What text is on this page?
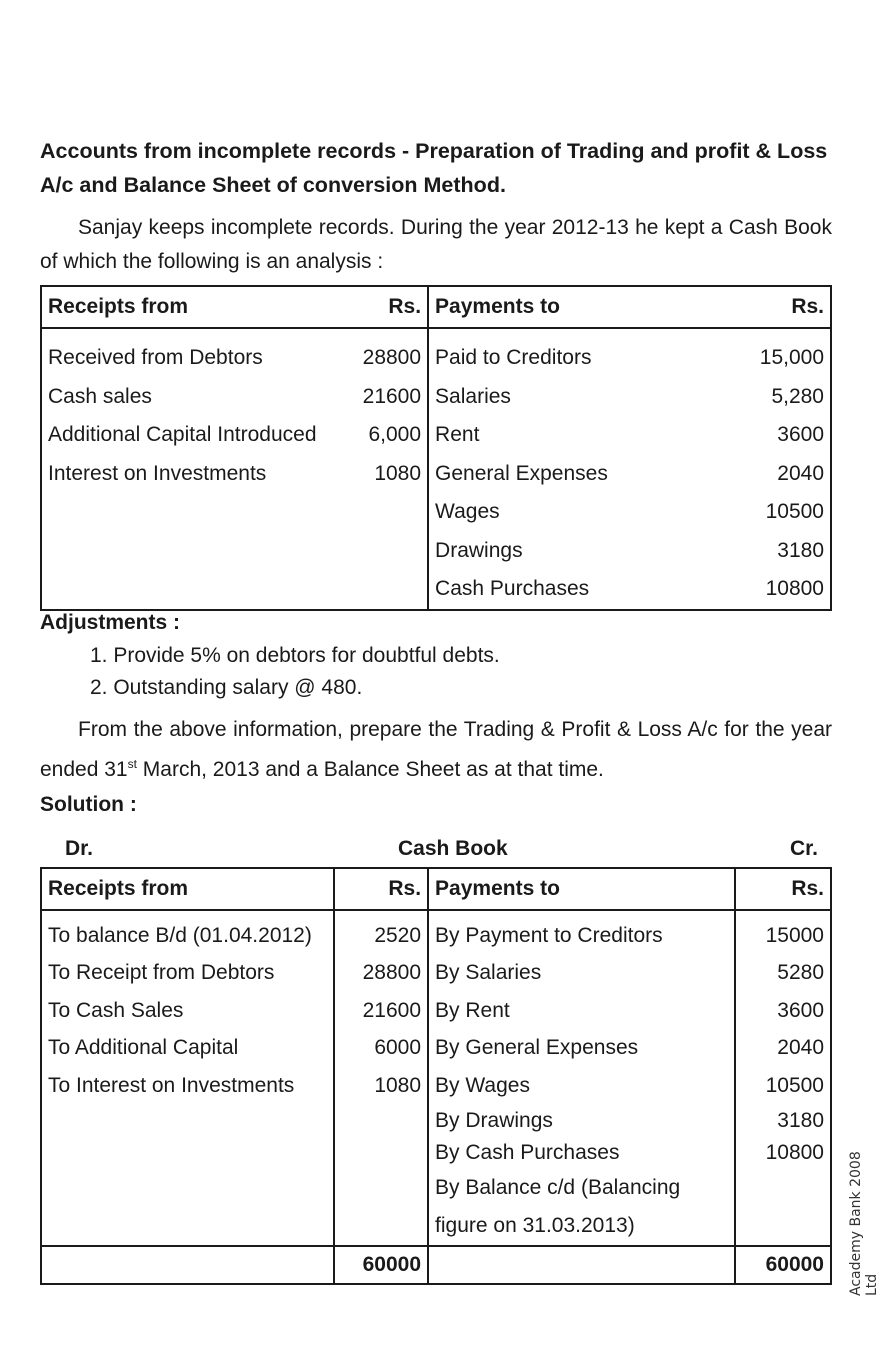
Accounts from incomplete records - Preparation of Trading and profit & Loss A/c and Balance Sheet of conversion Method.
Sanjay keeps incomplete records. During the year 2012-13 he kept a Cash Book of which the following is an analysis :
Receipts from	Rs.	Payments to	Rs.

Received from Debtors	28800	Paid to Creditors	15,000
Cash sales	21600	Salaries	5,280
Additional Capital Introduced	6,000	Rent	3600
Interest on Investments	1080	General Expenses	2040
		Wages	10500
		Drawings	3180
		Cash Purchases	10800
Adjustments :
1. Provide 5% on debtors for doubtful debts.
2. Outstanding salary @ 480.
From the above information, prepare the Trading & Profit & Loss A/c for the year ended 31st March, 2013 and a Balance Sheet as at that time.
Solution :
Dr.	Cash Book	Cr.
Receipts from	Rs.	Payments to	Rs.

To balance B/d (01.04.2012)	2520	By Payment to Creditors	15000
To Receipt from Debtors	28800	By Salaries	5280
To Cash Sales	21600	By Rent	3600
To Additional Capital	6000	By General Expenses	2040
To Interest on Investments	1080	By Wages	10500
		By Drawings	3180
		By Cash Purchases	10800
		By Balance c/d (Balancing	
		figure on 31.03.2013)	
	60000		60000 Academy Bank 2008 Ltd
